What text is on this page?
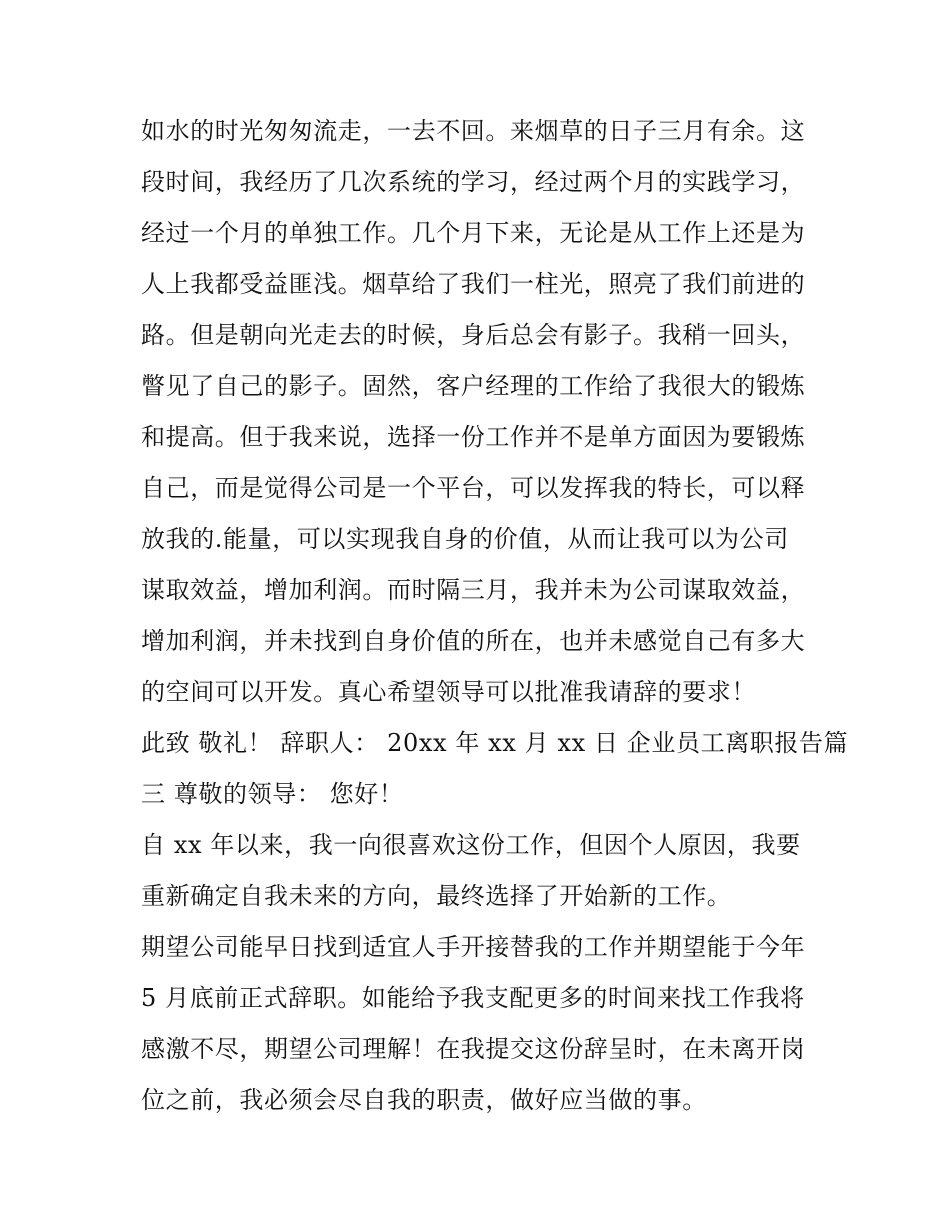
如水的时光匆匆流走，一去不回。来烟草的日子三月有余。这
段时间，我经历了几次系统的学习，经过两个月的实践学习，
经过一个月的单独工作。几个月下来，无论是从工作上还是为
人上我都受益匪浅。烟草给了我们一柱光，照亮了我们前进的
路。但是朝向光走去的时候，身后总会有影子。我稍一回头，
瞥见了自己的影子。固然，客户经理的工作给了我很大的锻炼
和提高。但于我来说，选择一份工作并不是单方面因为要锻炼
自己，而是觉得公司是一个平台，可以发挥我的特长，可以释
放我的.能量，可以实现我自身的价值，从而让我可以为公司
谋取效益，增加利润。而时隔三月，我并未为公司谋取效益，
增加利润，并未找到自身价值的所在，也并未感觉自己有多大
的空间可以开发。真心希望领导可以批准我请辞的要求！
此致 敬礼！ 辞职人： 20xx 年 xx 月 xx 日 企业员工离职报告篇
三 尊敬的领导： 您好！
自 xx 年以来，我一向很喜欢这份工作，但因个人原因，我要
重新确定自我未来的方向，最终选择了开始新的工作。
期望公司能早日找到适宜人手开接替我的工作并期望能于今年
5 月底前正式辞职。如能给予我支配更多的时间来找工作我将
感激不尽，期望公司理解！在我提交这份辞呈时，在未离开岗
位之前，我必须会尽自我的职责，做好应当做的事。
